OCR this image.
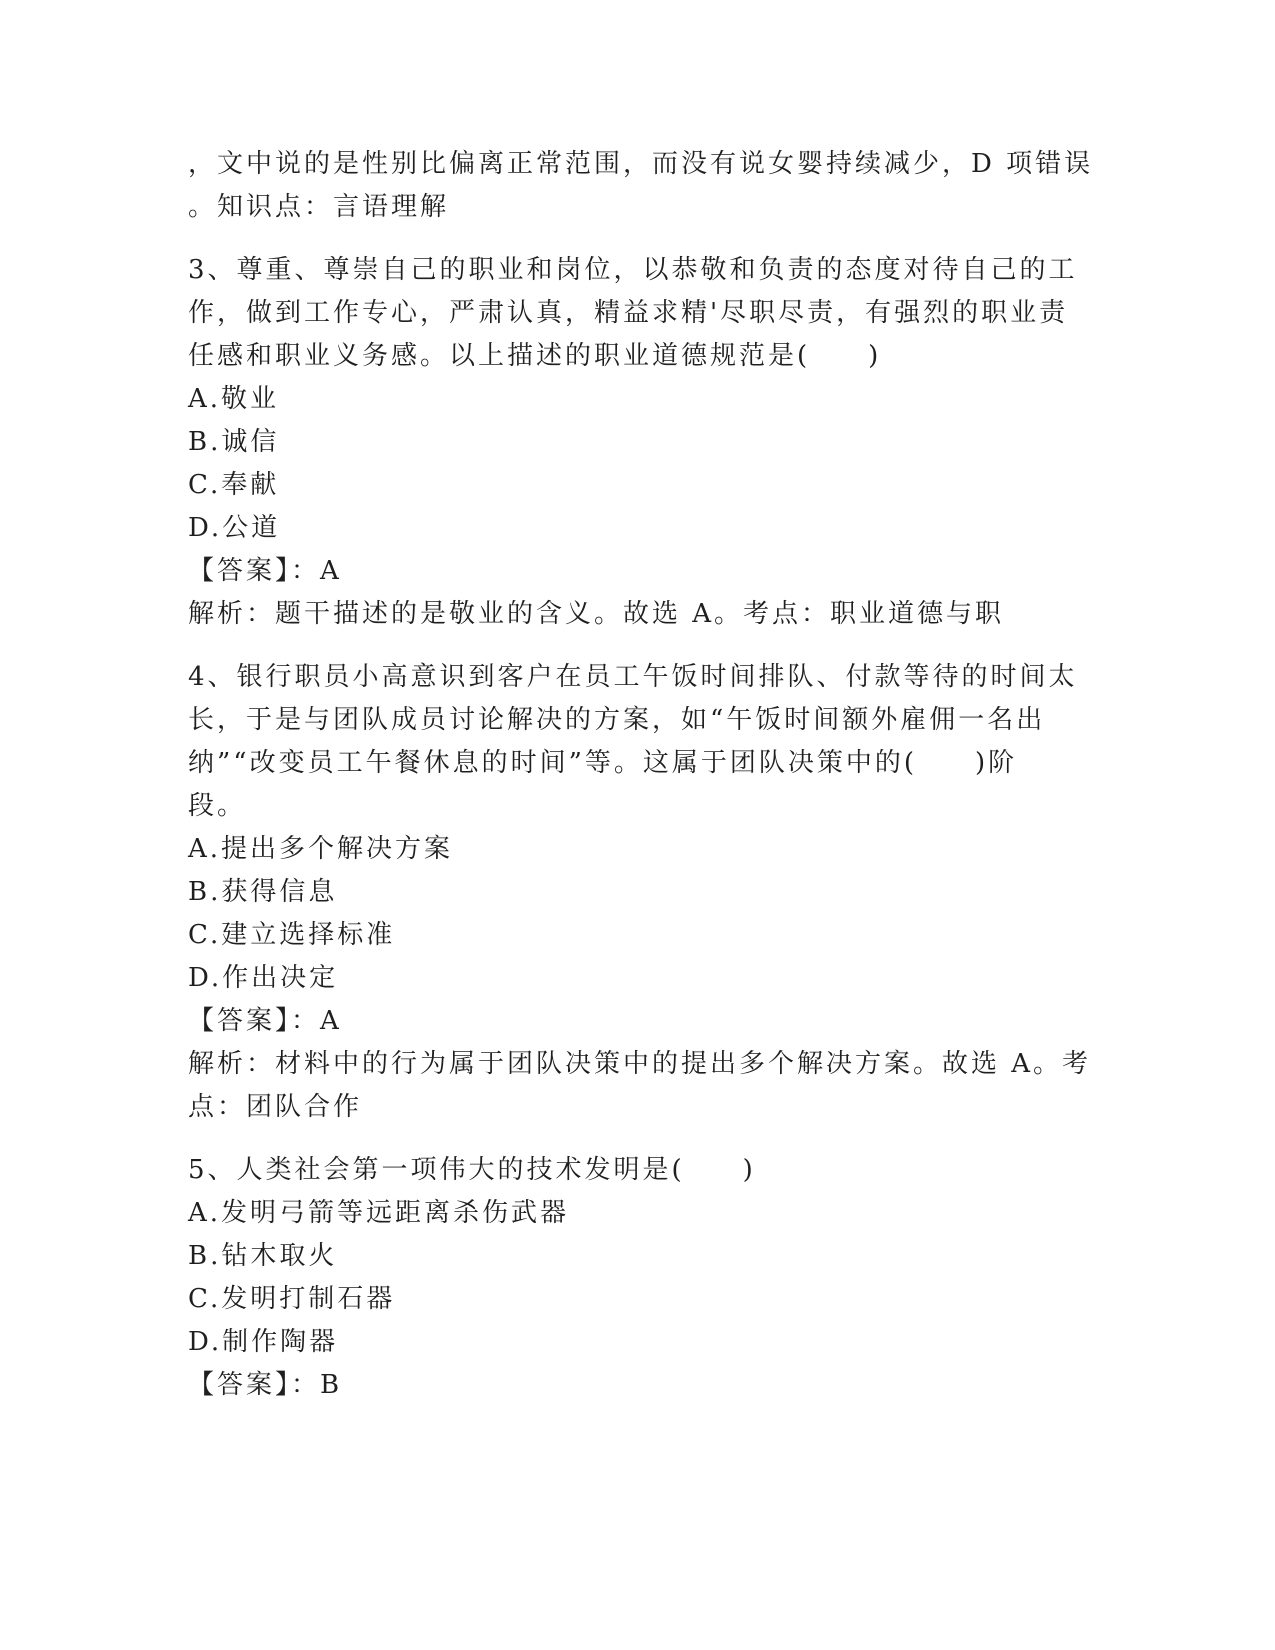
，文中说的是性别比偏离正常范围，而没有说女婴持续减少，D 项错误
。知识点：言语理解
3、尊重、尊崇自己的职业和岗位，以恭敬和负责的态度对待自己的工
作，做到工作专心，严肃认真，精益求精'尽职尽责，有强烈的职业责
任感和职业义务感。以上描述的职业道德规范是(　　)
A.敬业
B.诚信
C.奉献
D.公道
【答案】：A
解析：题干描述的是敬业的含义。故选 A。考点：职业道德与职
4、银行职员小高意识到客户在员工午饭时间排队、付款等待的时间太
长，于是与团队成员讨论解决的方案，如“午饭时间额外雇佣一名出
纳”“改变员工午餐休息的时间”等。这属于团队决策中的(　　)阶
段。
A.提出多个解决方案
B.获得信息
C.建立选择标准
D.作出决定
【答案】：A
解析：材料中的行为属于团队决策中的提出多个解决方案。故选 A。考
点：团队合作
5、人类社会第一项伟大的技术发明是(　　)
A.发明弓箭等远距离杀伤武器
B.钻木取火
C.发明打制石器
D.制作陶器
【答案】：B
